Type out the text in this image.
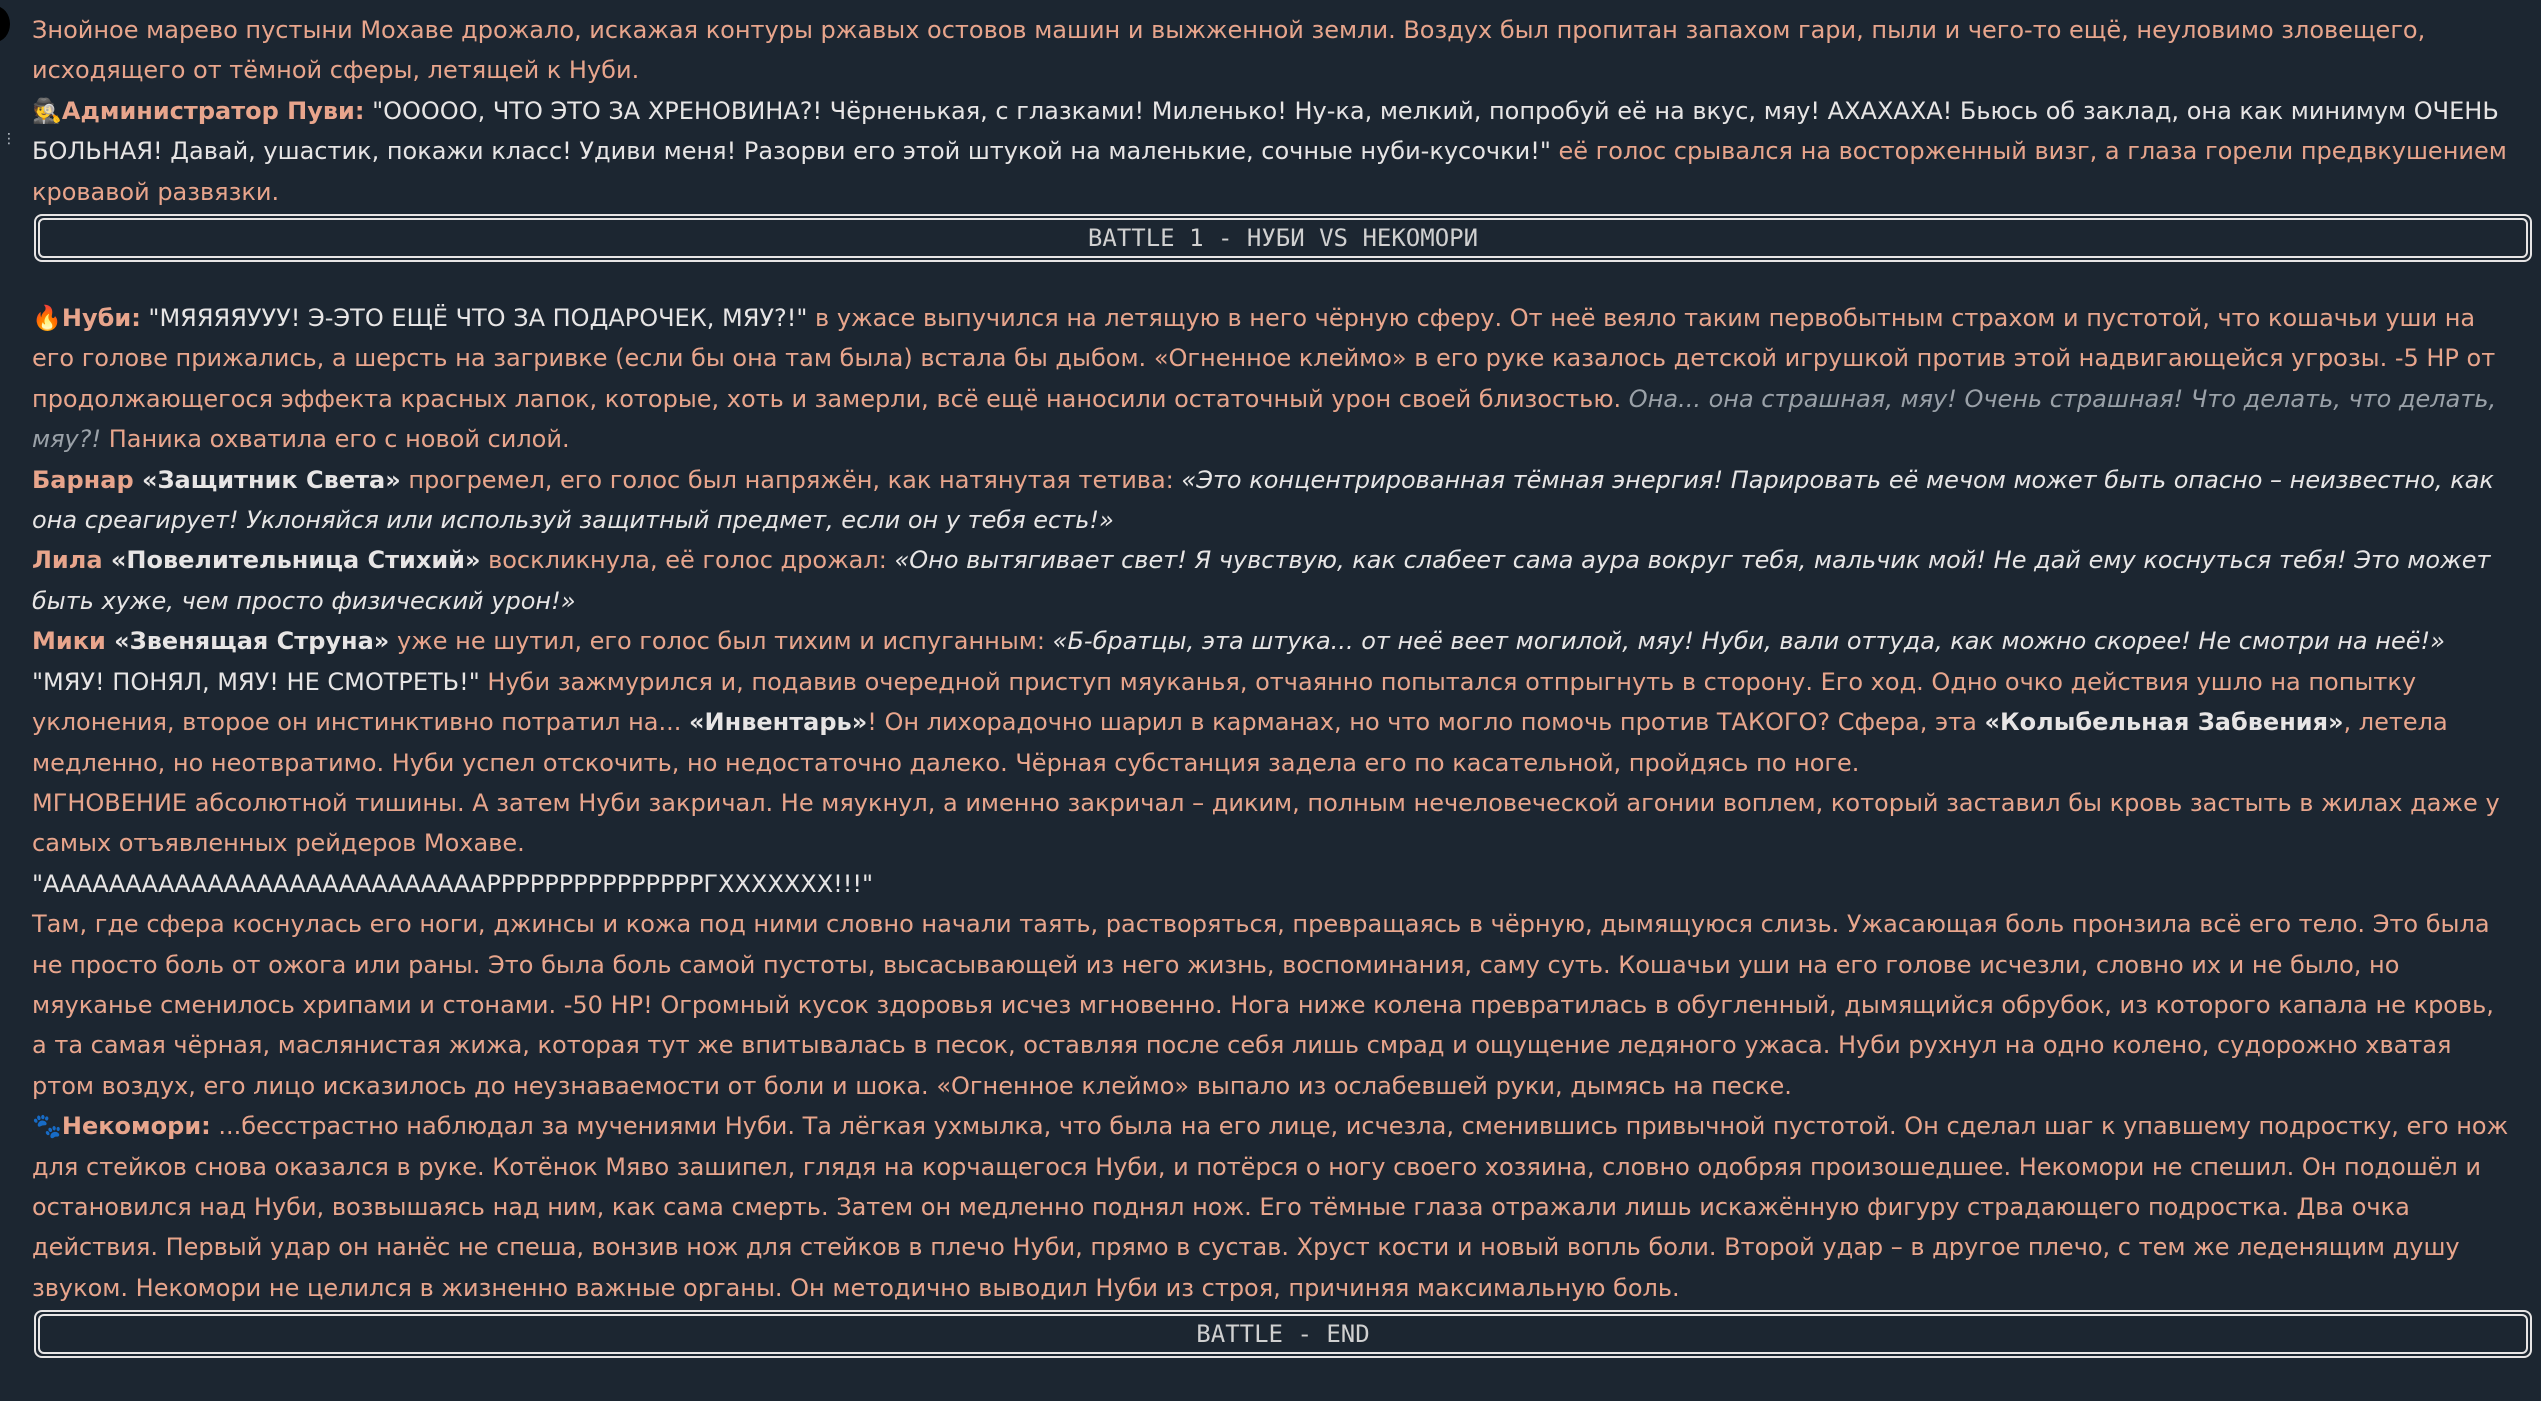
⋮

Знойное марево пустыни Мохаве дрожало, искажая контуры ржавых остовов машин и выжженной земли. Воздух был пропитан запахом гари, пыли и чего-то ещё, неуловимо зловещего, исходящего от тёмной сферы, летящей к Нуби.

🕵Администратор Пуви: "ООООО, ЧТО ЭТО ЗА ХРЕНОВИНА?! Чёрненькая, с глазками! Миленько! Ну-ка, мелкий, попробуй её на вкус, мяу! АХАХАХА! Бьюсь об заклад, она как минимум ОЧЕНЬ БОЛЬНАЯ! Давай, ушастик, покажи класс! Удиви меня! Разорви его этой штукой на маленькие, сочные нуби-кусочки!" её голос срывался на восторженный визг, а глаза горели предвкушением кровавой развязки.

BATTLE 1 - НУБИ VS НЕКОМОРИ

🔥Нуби: "МЯЯЯЯУУУ! Э-ЭТО ЕЩЁ ЧТО ЗА ПОДАРОЧЕК, МЯУ?!" в ужасе выпучился на летящую в него чёрную сферу. От неё веяло таким первобытным страхом и пустотой, что кошачьи уши на его голове прижались, а шерсть на загривке (если бы она там была) встала бы дыбом. «Огненное клеймо» в его руке казалось детской игрушкой против этой надвигающейся угрозы. -5 HP от продолжающегося эффекта красных лапок, которые, хоть и замерли, всё ещё наносили остаточный урон своей близостью. Она... она страшная, мяу! Очень страшная! Что делать, что делать, мяу?! Паника охватила его с новой силой.

Барнар «Защитник Света» прогремел, его голос был напряжён, как натянутая тетива: «Это концентрированная тёмная энергия! Парировать её мечом может быть опасно – неизвестно, как она среагирует! Уклоняйся или используй защитный предмет, если он у тебя есть!»

Лила «Повелительница Стихий» воскликнула, её голос дрожал: «Оно вытягивает свет! Я чувствую, как слабеет сама аура вокруг тебя, мальчик мой! Не дай ему коснуться тебя! Это может быть хуже, чем просто физический урон!»

Мики «Звенящая Струна» уже не шутил, его голос был тихим и испуганным: «Б-братцы, эта штука... от неё веет могилой, мяу! Нуби, вали оттуда, как можно скорее! Не смотри на неё!»

"МЯУ! ПОНЯЛ, МЯУ! НЕ СМОТРЕТЬ!" Нуби зажмурился и, подавив очередной приступ мяуканья, отчаянно попытался отпрыгнуть в сторону. Его ход. Одно очко действия ушло на попытку уклонения, второе он инстинктивно потратил на... «Инвентарь»! Он лихорадочно шарил в карманах, но что могло помочь против ТАКОГО? Сфера, эта «Колыбельная Забвения», летела медленно, но неотвратимо. Нуби успел отскочить, но недостаточно далеко. Чёрная субстанция задела его по касательной, пройдясь по ноге.

МГНОВЕНИЕ абсолютной тишины. А затем Нуби закричал. Не мяукнул, а именно закричал – диким, полным нечеловеческой агонии воплем, который заставил бы кровь застыть в жилах даже у самых отъявленных рейдеров Мохаве.

"АААААААААААААААААААААААААААРРРРРРРРРРРРРРРГХХХХХХХ!!!"

Там, где сфера коснулась его ноги, джинсы и кожа под ними словно начали таять, растворяться, превращаясь в чёрную, дымящуюся слизь. Ужасающая боль пронзила всё его тело. Это была не просто боль от ожога или раны. Это была боль самой пустоты, высасывающей из него жизнь, воспоминания, саму суть. Кошачьи уши на его голове исчезли, словно их и не было, но мяуканье сменилось хрипами и стонами. -50 HP! Огромный кусок здоровья исчез мгновенно. Нога ниже колена превратилась в обугленный, дымящийся обрубок, из которого капала не кровь, а та самая чёрная, маслянистая жижа, которая тут же впитывалась в песок, оставляя после себя лишь смрад и ощущение ледяного ужаса. Нуби рухнул на одно колено, судорожно хватая ртом воздух, его лицо исказилось до неузнаваемости от боли и шока. «Огненное клеймо» выпало из ослабевшей руки, дымясь на песке.

🐾Некомори: ...бесстрастно наблюдал за мучениями Нуби. Та лёгкая ухмылка, что была на его лице, исчезла, сменившись привычной пустотой. Он сделал шаг к упавшему подростку, его нож для стейков снова оказался в руке. Котёнок Мяво зашипел, глядя на корчащегося Нуби, и потёрся о ногу своего хозяина, словно одобряя произошедшее. Некомори не спешил. Он подошёл и остановился над Нуби, возвышаясь над ним, как сама смерть. Затем он медленно поднял нож. Его тёмные глаза отражали лишь искажённую фигуру страдающего подростка. Два очка действия. Первый удар он нанёс не спеша, вонзив нож для стейков в плечо Нуби, прямо в сустав. Хруст кости и новый вопль боли. Второй удар – в другое плечо, с тем же леденящим душу звуком. Некомори не целился в жизненно важные органы. Он методично выводил Нуби из строя, причиняя максимальную боль.

BATTLE - END
